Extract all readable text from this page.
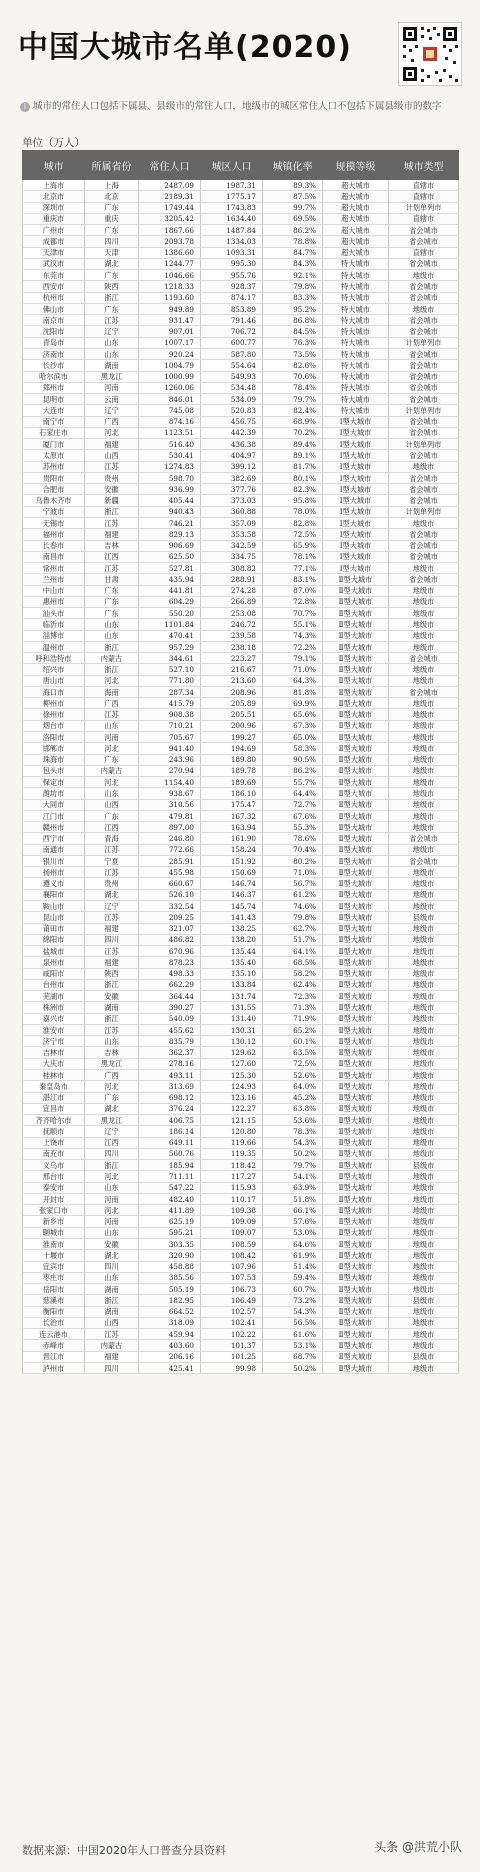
中国大城市名单(2020)
i 城市的常住人口包括下属县、县级市的常住人口，地级市的城区常住人口不包括下属县级市的数字
单位（万人）
城市	所属省份	常住人口	城区人口	城镇化率	规模等级	城市类型
上海市	上海	2487.09	1987.31	89.3%	超大城市	直辖市
北京市	北京	2189.31	1775.17	87.5%	超大城市	直辖市
深圳市	广东	1749.44	1743.83	99.7%	超大城市	计划单列市
重庆市	重庆	3205.42	1634.40	69.5%	超大城市	直辖市
广州市	广东	1867.66	1487.84	86.2%	超大城市	省会城市
成都市	四川	2093.78	1334.03	78.8%	超大城市	省会城市
天津市	天津	1386.60	1093.31	84.7%	超大城市	直辖市
武汉市	湖北	1244.77	995.30	84.3%	特大城市	省会城市
东莞市	广东	1046.66	955.76	92.1%	特大城市	地级市
西安市	陕西	1218.33	928.37	79.8%	特大城市	省会城市
杭州市	浙江	1193.60	874.17	83.3%	特大城市	省会城市
佛山市	广东	949.89	853.89	95.2%	特大城市	地级市
南京市	江苏	931.47	791.46	86.8%	特大城市	省会城市
沈阳市	辽宁	907.01	706.72	84.5%	特大城市	省会城市
青岛市	山东	1007.17	600.77	76.3%	特大城市	计划单列市
济南市	山东	920.24	587.80	73.5%	特大城市	省会城市
长沙市	湖南	1004.79	554.64	82.6%	特大城市	省会城市
哈尔滨市	黑龙江	1000.99	549.93	70.6%	特大城市	省会城市
郑州市	河南	1260.06	534.48	78.4%	特大城市	省会城市
昆明市	云南	846.01	534.09	79.7%	特大城市	省会城市
大连市	辽宁	745.08	520.83	82.4%	特大城市	计划单列市
南宁市	广西	874.16	456.75	68.9%	Ⅰ型大城市	省会城市
石家庄市	河北	1123.51	442.39	70.2%	Ⅰ型大城市	省会城市
厦门市	福建	516.40	436.38	89.4%	Ⅰ型大城市	计划单列市
太原市	山西	530.41	404.97	89.1%	Ⅰ型大城市	省会城市
苏州市	江苏	1274.83	399.12	81.7%	Ⅰ型大城市	地级市
贵阳市	贵州	598.70	382.69	80.1%	Ⅰ型大城市	省会城市
合肥市	安徽	936.99	377.76	82.3%	Ⅰ型大城市	省会城市
乌鲁木齐市	新疆	405.44	373.03	95.8%	Ⅰ型大城市	省会城市
宁波市	浙江	940.43	360.88	78.0%	Ⅰ型大城市	计划单列市
无锡市	江苏	746.21	357.09	82.8%	Ⅰ型大城市	地级市
福州市	福建	829.13	353.58	72.5%	Ⅰ型大城市	省会城市
长春市	吉林	906.69	342.59	65.9%	Ⅰ型大城市	省会城市
南昌市	江西	625.50	334.75	78.1%	Ⅰ型大城市	省会城市
常州市	江苏	527.81	308.82	77.1%	Ⅰ型大城市	地级市
兰州市	甘肃	435.94	288.91	83.1%	Ⅱ型大城市	省会城市
中山市	广东	441.81	274.28	87.0%	Ⅱ型大城市	地级市
惠州市	广东	604.29	266.89	72.8%	Ⅱ型大城市	地级市
汕头市	广东	550.20	253.08	70.7%	Ⅱ型大城市	地级市
临沂市	山东	1101.84	246.72	55.1%	Ⅱ型大城市	地级市
淄博市	山东	470.41	239.58	74.3%	Ⅱ型大城市	地级市
温州市	浙江	957.29	238.18	72.2%	Ⅱ型大城市	地级市
呼和浩特市	内蒙古	344.61	223.27	79.1%	Ⅱ型大城市	省会城市
绍兴市	浙江	527.10	216.67	71.0%	Ⅱ型大城市	地级市
唐山市	河北	771.80	213.60	64.3%	Ⅱ型大城市	地级市
海口市	海南	287.34	208.96	81.8%	Ⅱ型大城市	省会城市
柳州市	广西	415.79	205.89	69.9%	Ⅱ型大城市	地级市
徐州市	江苏	908.38	205.51	65.6%	Ⅱ型大城市	地级市
烟台市	山东	710.21	200.96	67.3%	Ⅱ型大城市	地级市
洛阳市	河南	705.67	199.27	65.0%	Ⅱ型大城市	地级市
邯郸市	河北	941.40	194.69	58.3%	Ⅱ型大城市	地级市
珠海市	广东	243.96	189.80	90.5%	Ⅱ型大城市	地级市
包头市	内蒙古	270.94	189.78	86.2%	Ⅱ型大城市	地级市
保定市	河北	1154.40	189.69	55.7%	Ⅱ型大城市	地级市
潍坊市	山东	938.67	186.10	64.4%	Ⅱ型大城市	地级市
大同市	山西	310.56	175.47	72.7%	Ⅱ型大城市	地级市
江门市	广东	479.81	167.32	67.6%	Ⅱ型大城市	地级市
赣州市	江西	897.00	163.94	55.3%	Ⅱ型大城市	地级市
西宁市	青海	246.80	161.90	78.6%	Ⅱ型大城市	省会城市
南通市	江苏	772.66	158.24	70.4%	Ⅱ型大城市	地级市
银川市	宁夏	285.91	151.92	80.2%	Ⅱ型大城市	省会城市
扬州市	江苏	455.98	150.69	71.0%	Ⅱ型大城市	地级市
遵义市	贵州	660.67	146.74	56.7%	Ⅱ型大城市	地级市
襄阳市	湖北	526.10	146.37	61.2%	Ⅱ型大城市	地级市
鞍山市	辽宁	332.54	145.74	74.6%	Ⅱ型大城市	地级市
昆山市	江苏	209.25	141.43	79.8%	Ⅱ型大城市	县级市
莆田市	福建	321.07	138.25	62.7%	Ⅱ型大城市	地级市
绵阳市	四川	486.82	138.20	51.7%	Ⅱ型大城市	地级市
盐城市	江苏	670.96	135.44	64.1%	Ⅱ型大城市	地级市
泉州市	福建	878.23	135.40	68.5%	Ⅱ型大城市	地级市
咸阳市	陕西	498.33	135.10	58.2%	Ⅱ型大城市	地级市
台州市	浙江	662.29	133.84	62.4%	Ⅱ型大城市	地级市
芜湖市	安徽	364.44	131.74	72.3%	Ⅱ型大城市	地级市
株洲市	湖南	390.27	131.55	71.3%	Ⅱ型大城市	地级市
嘉兴市	浙江	540.09	131.40	71.9%	Ⅱ型大城市	地级市
淮安市	江苏	455.62	130.31	65.2%	Ⅱ型大城市	地级市
济宁市	山东	835.79	130.12	60.1%	Ⅱ型大城市	地级市
吉林市	吉林	362.37	129.62	63.5%	Ⅱ型大城市	地级市
大庆市	黑龙江	278.16	127.60	72.5%	Ⅱ型大城市	地级市
桂林市	广西	493.11	125.30	52.6%	Ⅱ型大城市	地级市
秦皇岛市	河北	313.69	124.93	64.0%	Ⅱ型大城市	地级市
湛江市	广东	698.12	123.16	45.2%	Ⅱ型大城市	地级市
宜昌市	湖北	376.24	122.27	63.8%	Ⅱ型大城市	地级市
齐齐哈尔市	黑龙江	406.75	121.15	53.6%	Ⅱ型大城市	地级市
抚顺市	辽宁	186.14	120.80	78.3%	Ⅱ型大城市	地级市
上饶市	江西	649.11	119.66	54.3%	Ⅱ型大城市	地级市
南充市	四川	560.76	119.35	50.2%	Ⅱ型大城市	地级市
义乌市	浙江	185.94	118.42	79.7%	Ⅱ型大城市	县级市
邢台市	河北	711.11	117.27	54.1%	Ⅱ型大城市	地级市
泰安市	山东	547.22	115.93	63.9%	Ⅱ型大城市	地级市
开封市	河南	482.40	110.17	51.8%	Ⅱ型大城市	地级市
张家口市	河北	411.89	109.38	66.1%	Ⅱ型大城市	地级市
新乡市	河南	625.19	109.09	57.6%	Ⅱ型大城市	地级市
聊城市	山东	595.21	109.07	53.0%	Ⅱ型大城市	地级市
淮南市	安徽	303.35	108.59	64.6%	Ⅱ型大城市	地级市
十堰市	湖北	320.90	108.42	61.9%	Ⅱ型大城市	地级市
宜宾市	四川	458.88	107.96	51.4%	Ⅱ型大城市	地级市
枣庄市	山东	385.56	107.53	59.4%	Ⅱ型大城市	地级市
岳阳市	湖南	505.19	106.73	60.7%	Ⅱ型大城市	地级市
慈溪市	浙江	182.95	106.49	73.2%	Ⅱ型大城市	县级市
衡阳市	湖南	664.52	102.57	54.3%	Ⅱ型大城市	地级市
长治市	山西	318.09	102.41	56.5%	Ⅱ型大城市	地级市
连云港市	江苏	459.94	102.22	61.6%	Ⅱ型大城市	地级市
赤峰市	内蒙古	403.60	101.37	53.1%	Ⅱ型大城市	地级市
晋江市	福建	206.16	101.25	68.7%	Ⅱ型大城市	县级市
泸州市	四川	425.41	99.98	50.2%	Ⅱ型大城市	地级市
数据来源：中国2020年人口普查分县资料	头条 @洪荒小队
